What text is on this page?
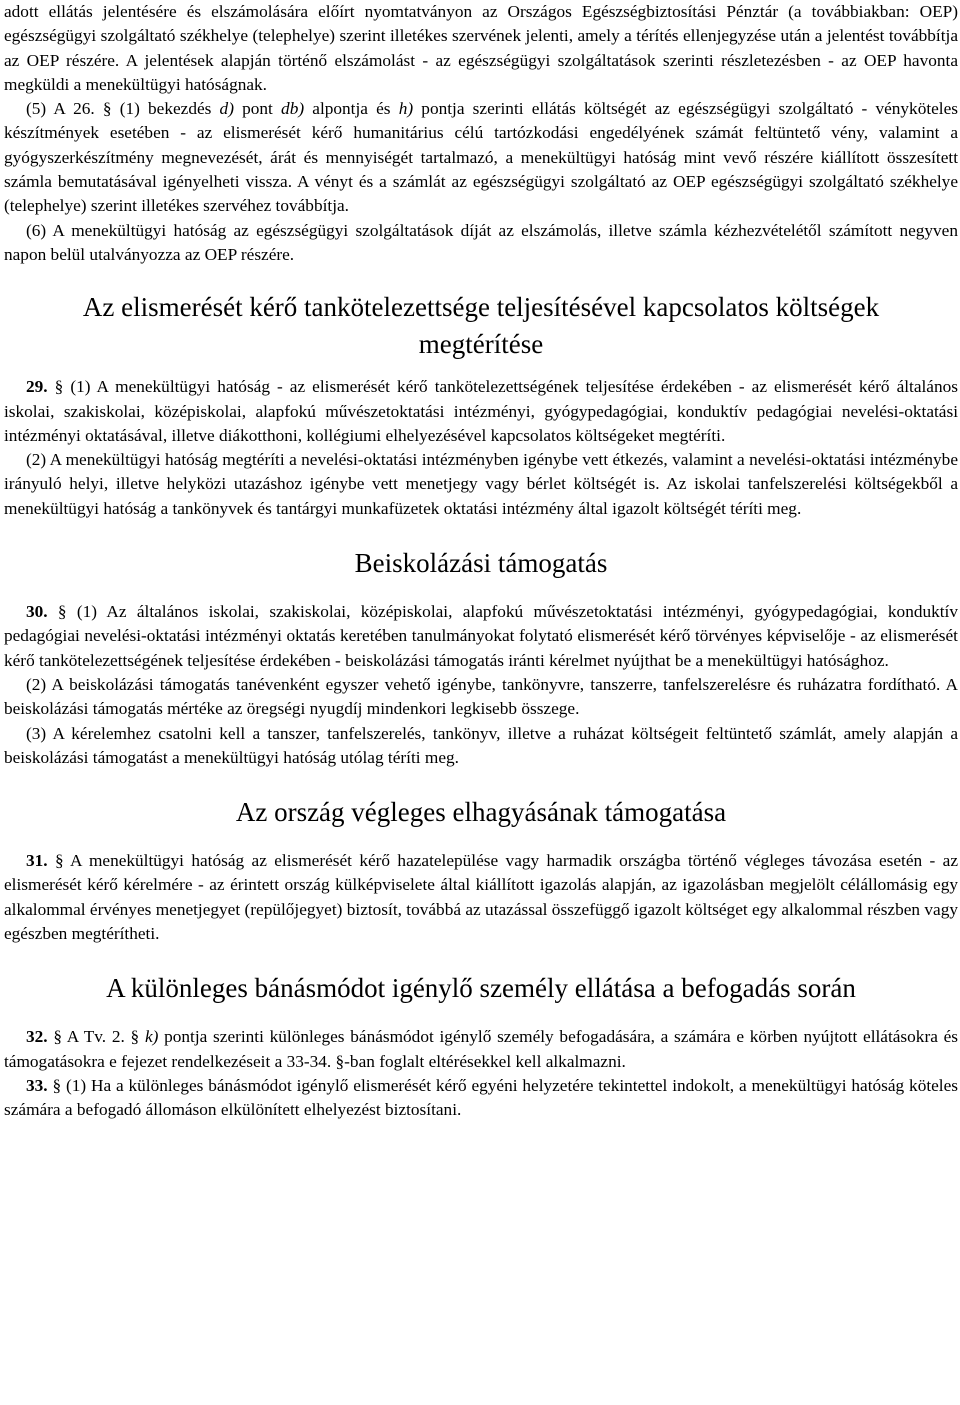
adott ellátás jelentésére és elszámolására előírt nyomtatványon az Országos Egészségbiztosítási Pénztár (a továbbiakban: OEP) egészségügyi szolgáltató székhelye (telephelye) szerint illetékes szervének jelenti, amely a térítés ellenjegyzése után a jelentést továbbítja az OEP részére. A jelentések alapján történő elszámolást - az egészségügyi szolgáltatások szerinti részletezésben - az OEP havonta megküldi a menekültügyi hatóságnak.

(5) A 26. § (1) bekezdés d) pont db) alpontja és h) pontja szerinti ellátás költségét az egészségügyi szolgáltató - vényköteles készítmények esetében - az elismerését kérő humanitárius célú tartózkodási engedélyének számát feltüntető vény, valamint a gyógyszerkészítmény megnevezését, árát és mennyiségét tartalmazó, a menekültügyi hatóság mint vevő részére kiállított összesített számla bemutatásával igényelheti vissza. A vényt és a számlát az egészségügyi szolgáltató az OEP egészségügyi szolgáltató székhelye (telephelye) szerint illetékes szervéhez továbbítja.

(6) A menekültügyi hatóság az egészségügyi szolgáltatások díját az elszámolás, illetve számla kézhezvételétől számított negyven napon belül utalványozza az OEP részére.

Az elismerését kérő tankötelezettsége teljesítésével kapcsolatos költségek megtérítése

29. § (1) A menekültügyi hatóság - az elismerését kérő tankötelezettségének teljesítése érdekében - az elismerését kérő általános iskolai, szakiskolai, középiskolai, alapfokú művészetoktatási intézményi, gyógypedagógiai, konduktív pedagógiai nevelési-oktatási intézményi oktatásával, illetve diákotthoni, kollégiumi elhelyezésével kapcsolatos költségeket megtéríti.

(2) A menekültügyi hatóság megtéríti a nevelési-oktatási intézményben igénybe vett étkezés, valamint a nevelési-oktatási intézménybe irányuló helyi, illetve helyközi utazáshoz igénybe vett menetjegy vagy bérlet költségét is. Az iskolai tanfelszerelési költségekből a menekültügyi hatóság a tankönyvek és tantárgyi munkafüzetek oktatási intézmény által igazolt költségét téríti meg.

Beiskolázási támogatás

30. § (1) Az általános iskolai, szakiskolai, középiskolai, alapfokú művészetoktatási intézményi, gyógypedagógiai, konduktív pedagógiai nevelési-oktatási intézményi oktatás keretében tanulmányokat folytató elismerését kérő törvényes képviselője - az elismerését kérő tankötelezettségének teljesítése érdekében - beiskolázási támogatás iránti kérelmet nyújthat be a menekültügyi hatósághoz.

(2) A beiskolázási támogatás tanévenként egyszer vehető igénybe, tankönyvre, tanszerre, tanfelszerelésre és ruházatra fordítható. A beiskolázási támogatás mértéke az öregségi nyugdíj mindenkori legkisebb összege.

(3) A kérelemhez csatolni kell a tanszer, tanfelszerelés, tankönyv, illetve a ruházat költségeit feltüntető számlát, amely alapján a beiskolázási támogatást a menekültügyi hatóság utólag téríti meg.

Az ország végleges elhagyásának támogatása

31. § A menekültügyi hatóság az elismerését kérő hazatelepülése vagy harmadik országba történő végleges távozása esetén - az elismerését kérő kérelmére - az érintett ország külképviselete által kiállított igazolás alapján, az igazolásban megjelölt célállomásig egy alkalommal érvényes menetjegyet (repülőjegyet) biztosít, továbbá az utazással összefüggő igazolt költséget egy alkalommal részben vagy egészben megtérítheti.

A különleges bánásmódot igénylő személy ellátása a befogadás során

32. § A Tv. 2. § k) pontja szerinti különleges bánásmódot igénylő személy befogadására, a számára e körben nyújtott ellátásokra és támogatásokra e fejezet rendelkezéseit a 33-34. §-ban foglalt eltérésekkel kell alkalmazni.

33. § (1) Ha a különleges bánásmódot igénylő elismerését kérő egyéni helyzetére tekintettel indokolt, a menekültügyi hatóság köteles számára a befogadó állomáson elkülönített elhelyezést biztosítani.
